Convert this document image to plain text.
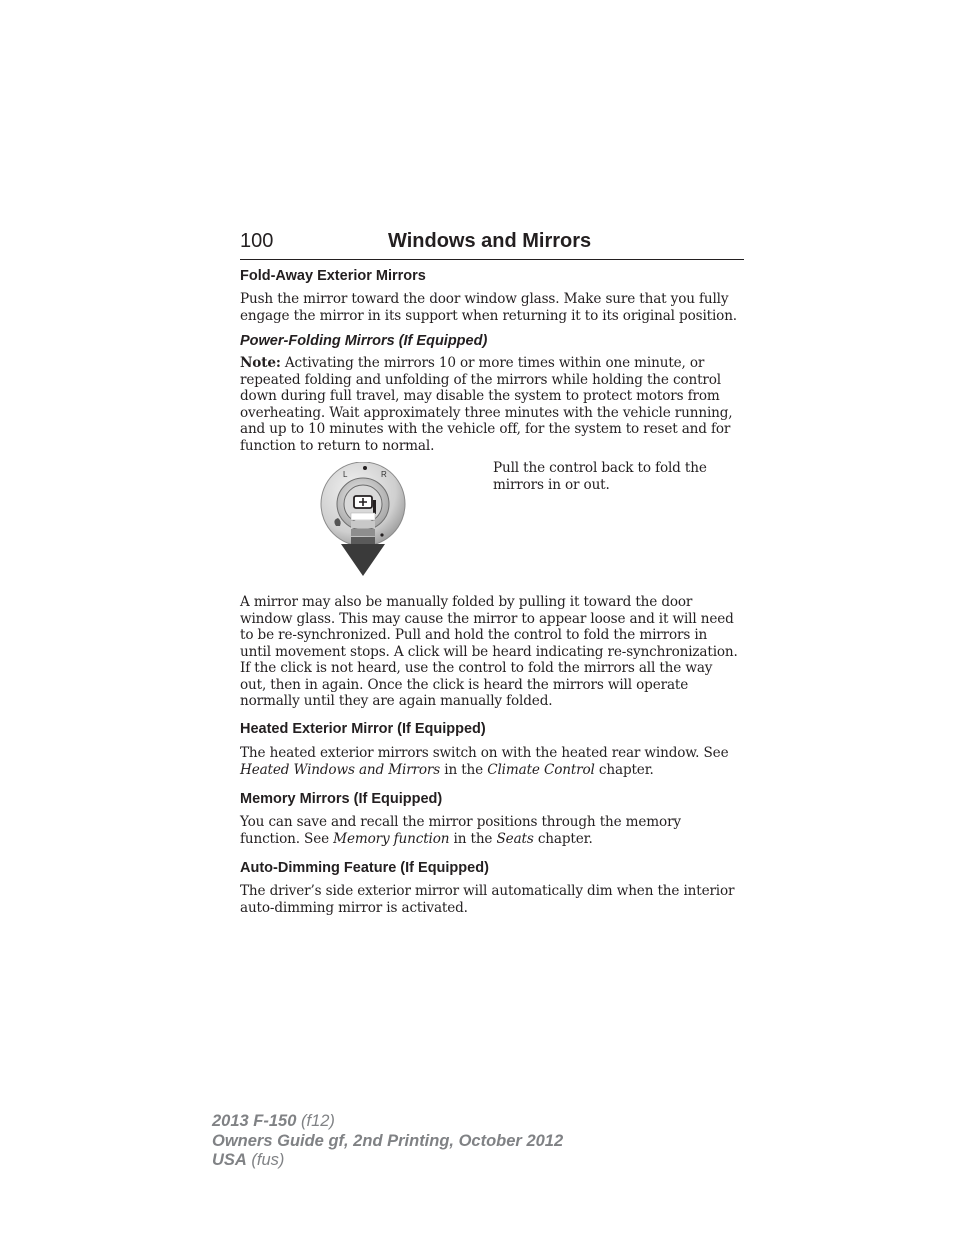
100	Windows and Mirrors
Fold-Away Exterior Mirrors
Push the mirror toward the door window glass. Make sure that you fully
engage the mirror in its support when returning it to its original position.
Power-Folding Mirrors (If Equipped)
Note: Activating the mirrors 10 or more times within one minute, or
repeated folding and unfolding of the mirrors while holding the control
down during full travel, may disable the system to protect motors from
overheating. Wait approximately three minutes with the vehicle running,
and up to 10 minutes with the vehicle off, for the system to reset and for
function to return to normal.
L	R	Pull the control back to fold the
mirrors in or out.
A mirror may also be manually folded by pulling it toward the door
window glass. This may cause the mirror to appear loose and it will need
to be re-synchronized. Pull and hold the control to fold the mirrors in
until movement stops. A click will be heard indicating re-synchronization.
If the click is not heard, use the control to fold the mirrors all the way
out, then in again. Once the click is heard the mirrors will operate
normally until they are again manually folded.
Heated Exterior Mirror (If Equipped)
The heated exterior mirrors switch on with the heated rear window. See
Heated Windows and Mirrors in the Climate Control chapter.
Memory Mirrors (If Equipped)
You can save and recall the mirror positions through the memory
function. See Memory function in the Seats chapter.
Auto-Dimming Feature (If Equipped)
The driver’s side exterior mirror will automatically dim when the interior
auto-dimming mirror is activated.
2013 F-150 (f12)
Owners Guide gf, 2nd Printing, October 2012
USA (fus)
